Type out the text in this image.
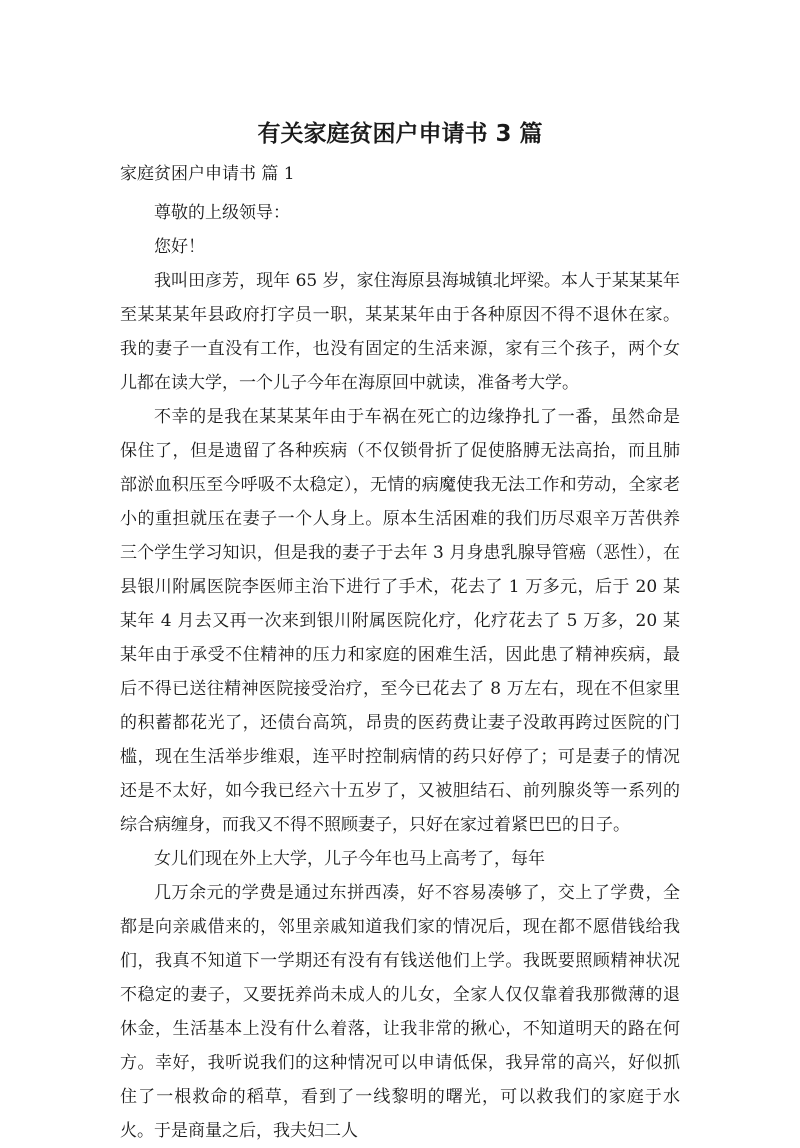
有关家庭贫困户申请书 3 篇
家庭贫困户申请书 篇 1

尊敬的上级领导：

您好！

我叫田彦芳，现年 65 岁，家住海原县海城镇北坪梁。本人于某某某年至某某某年县政府打字员一职，某某某年由于各种原因不得不退休在家。我的妻子一直没有工作，也没有固定的生活来源，家有三个孩子，两个女儿都在读大学，一个儿子今年在海原回中就读，准备考大学。

不幸的是我在某某某年由于车祸在死亡的边缘挣扎了一番，虽然命是保住了，但是遗留了各种疾病（不仅锁骨折了促使胳膊无法高抬，而且肺部淤血积压至今呼吸不太稳定），无情的病魔使我无法工作和劳动，全家老小的重担就压在妻子一个人身上。原本生活困难的我们历尽艰辛万苦供养三个学生学习知识，但是我的妻子于去年 3 月身患乳腺导管癌（恶性），在县银川附属医院李医师主治下进行了手术，花去了 1 万多元，后于 20 某某年 4 月去又再一次来到银川附属医院化疗，化疗花去了 5 万多，20 某某年由于承受不住精神的压力和家庭的困难生活，因此患了精神疾病，最后不得已送往精神医院接受治疗，至今已花去了 8 万左右，现在不但家里的积蓄都花光了，还债台高筑，昂贵的医药费让妻子没敢再跨过医院的门槛，现在生活举步维艰，连平时控制病情的药只好停了；可是妻子的情况还是不太好，如今我已经六十五岁了，又被胆结石、前列腺炎等一系列的综合病缠身，而我又不得不照顾妻子，只好在家过着紧巴巴的日子。

女儿们现在外上大学，儿子今年也马上高考了，每年

几万余元的学费是通过东拼西凑，好不容易凑够了，交上了学费，全都是向亲戚借来的，邻里亲戚知道我们家的情况后，现在都不愿借钱给我们，我真不知道下一学期还有没有有钱送他们上学。我既要照顾精神状况不稳定的妻子，又要抚养尚未成人的儿女，全家人仅仅靠着我那微薄的退休金，生活基本上没有什么着落，让我非常的揪心，不知道明天的路在何方。幸好，我听说我们的这种情况可以申请低保，我异常的高兴，好似抓住了一根救命的稻草，看到了一线黎明的曙光，可以救我们的家庭于水火。于是商量之后，我夫妇二人
